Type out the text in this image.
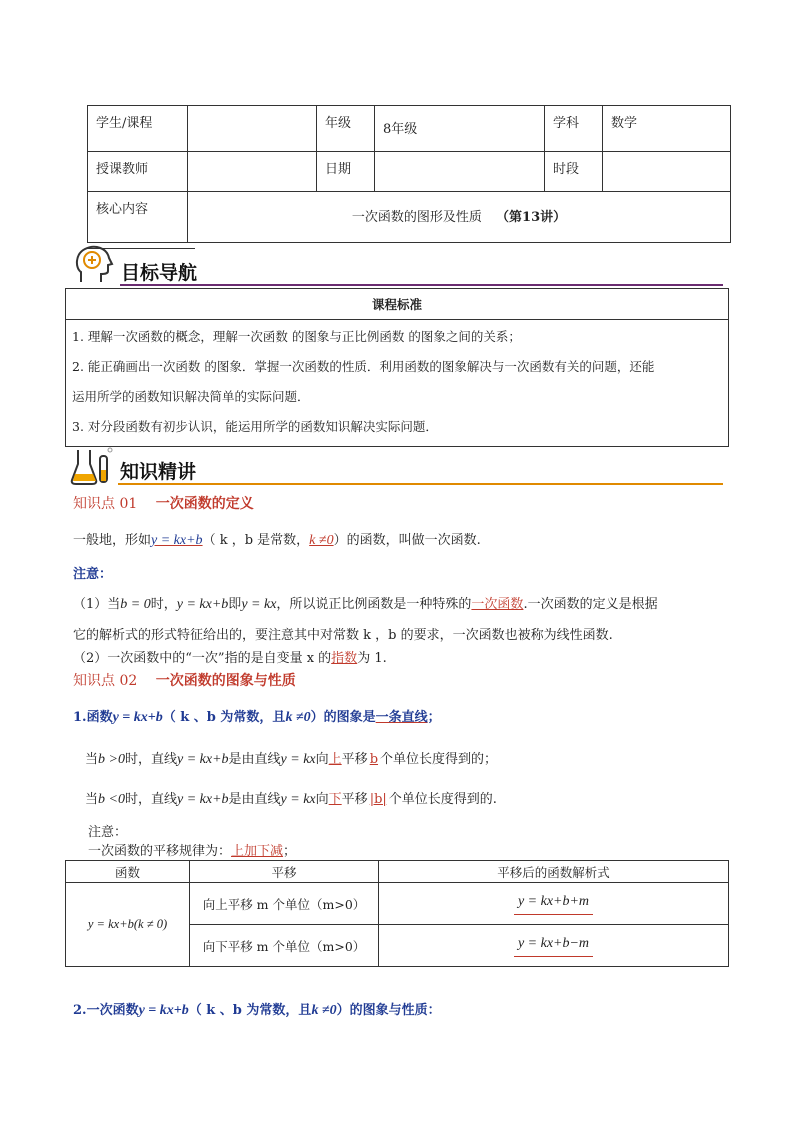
学生/课程		年级	8年级	学科	数学
授课教师		日期		时段	
核心内容	一次函数的图形及性质 （第13讲）				
目标导航
课程标准

1. 理解一次函数的概念，理解一次函数 的图象与正比例函数 的图象之间的关系；
2. 能正确画出一次函数 的图象．掌握一次函数的性质．利用函数的图象解决与一次函数有关的问题，还能
运用所学的函数知识解决简单的实际问题．
3. 对分段函数有初步认识，能运用所学的函数知识解决实际问题．
知识精讲
知识点 01 一次函数的定义
一般地，形如y = kx+b（ k ，b 是常数，k ≠0）的函数，叫做一次函数.
注意：
（1）当b = 0时，y = kx+b即y = kx，所以说正比例函数是一种特殊的一次函数.一次函数的定义是根据
它的解析式的形式特征给出的，要注意其中对常数 k ，b 的要求，一次函数也被称为线性函数.
（2）一次函数中的“一次”指的是自变量 x 的指数为 1.
知识点 02 一次函数的图象与性质
1.函数y = kx+b（ k 、b 为常数，且k ≠0）的图象是一条直线；
当b >0时，直线y = kx+b是由直线y = kx向上平移 b 个单位长度得到的；
当b <0时，直线y = kx+b是由直线y = kx向下平移 |b| 个单位长度得到的.
注意：
一次函数的平移规律为：上加下减；
函数	平移	平移后的函数解析式
y = kx+b(k ≠ 0)	向上平移 m 个单位（m>0）	y = kx+b+m
	向下平移 m 个单位（m>0）	y = kx+b−m
2.一次函数y = kx+b（ k 、b 为常数，且k ≠0）的图象与性质：
